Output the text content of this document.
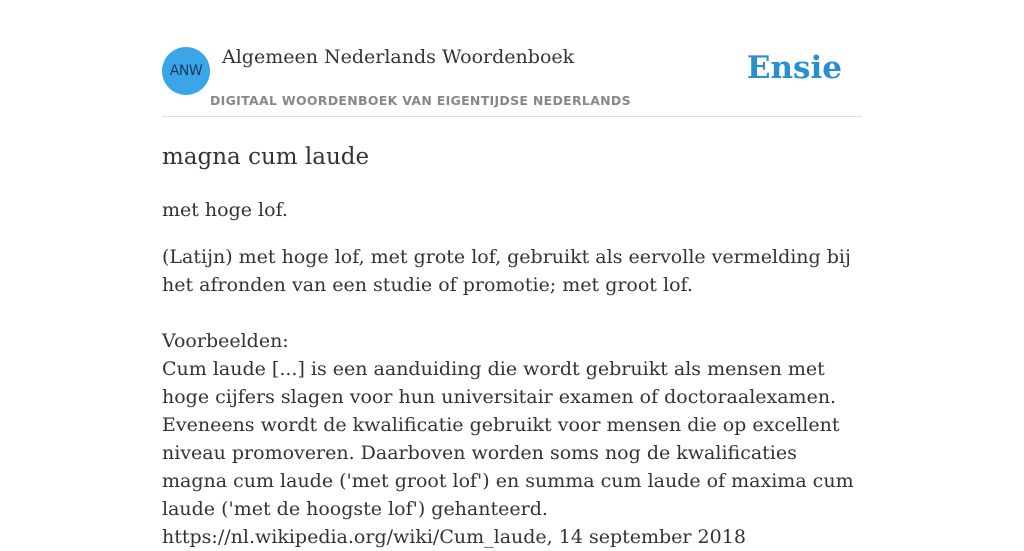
ANW
Algemeen Nederlands Woordenboek
DIGITAAL WOORDENBOEK VAN EIGENTIJDSE NEDERLANDS
Ensie
magna cum laude

met hoge lof.

(Latijn) met hoge lof, met grote lof, gebruikt als eervolle vermelding bij het afronden van een studie of promotie; met groot lof.

Voorbeelden:

Cum laude [...] is een aanduiding die wordt gebruikt als mensen met hoge cijfers slagen voor hun universitair examen of doctoraalexamen. Eveneens wordt de kwalificatie gebruikt voor mensen die op excellent niveau promoveren. Daarboven worden soms nog de kwalificaties magna cum laude ('met groot lof') en summa cum laude of maxima cum laude ('met de hoogste lof') gehanteerd.

https://nl.wikipedia.org/wiki/Cum_laude, 14 september 2018
